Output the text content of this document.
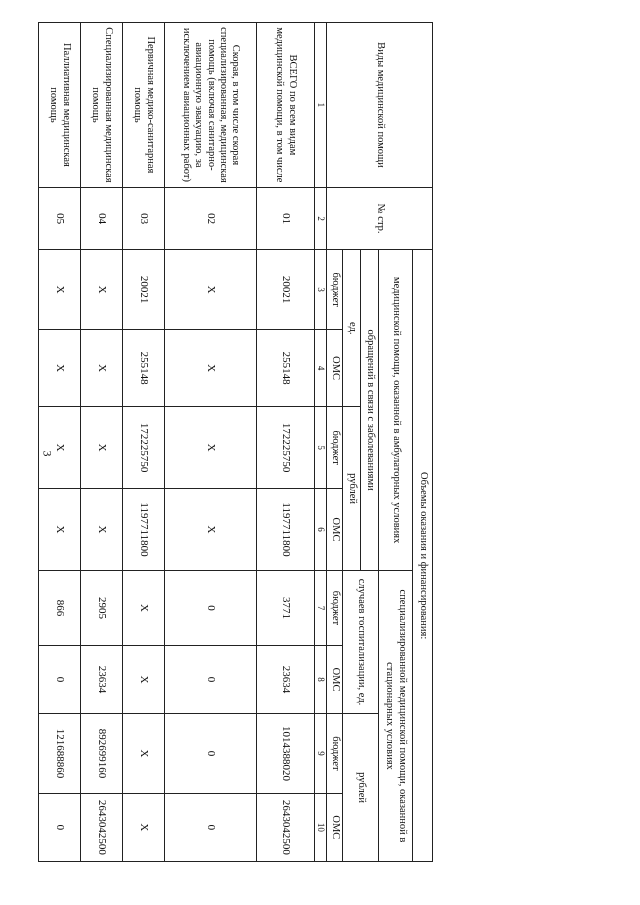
3
Виды медицинской помощи	№ стр.	Объемы оказания и финансирования:							
		медицинской помощи, оказанной в амбулаторных условиях				специализированной медицинской помощи, оказанной в стационарных условиях			
		обращений в связи с заболеваниями				случаев госпитализации, ед.		рублей	
		ед.		рублей					
		бюджет	ОМС	бюджет	ОМС	бюджет	ОМС	бюджет	ОМС
1	2	3	4	5	6	7	8	9	10
ВСЕГО по всем видам медицинской помощи, в том числе	01	20021	255148	172225750	1197711800	3771	23634	1014388020	2643042500
Скорая, в том числе скорая специализированная, медицинская помощь (включая санитарно-авиационную эвакуацию, за исключением авиационных работ)	02	X	X	X	X	0	0	0	0
Первичная медико-санитарная помощь	03	20021	255148	172225750	1197711800	X	X	X	X
Специализированная медицинская помощь	04	X	X	X	X	2905	23634	892699160	2643042500
Паллиативная медицинская помощь	05	X	X	X	X	866	0	121688860	0
